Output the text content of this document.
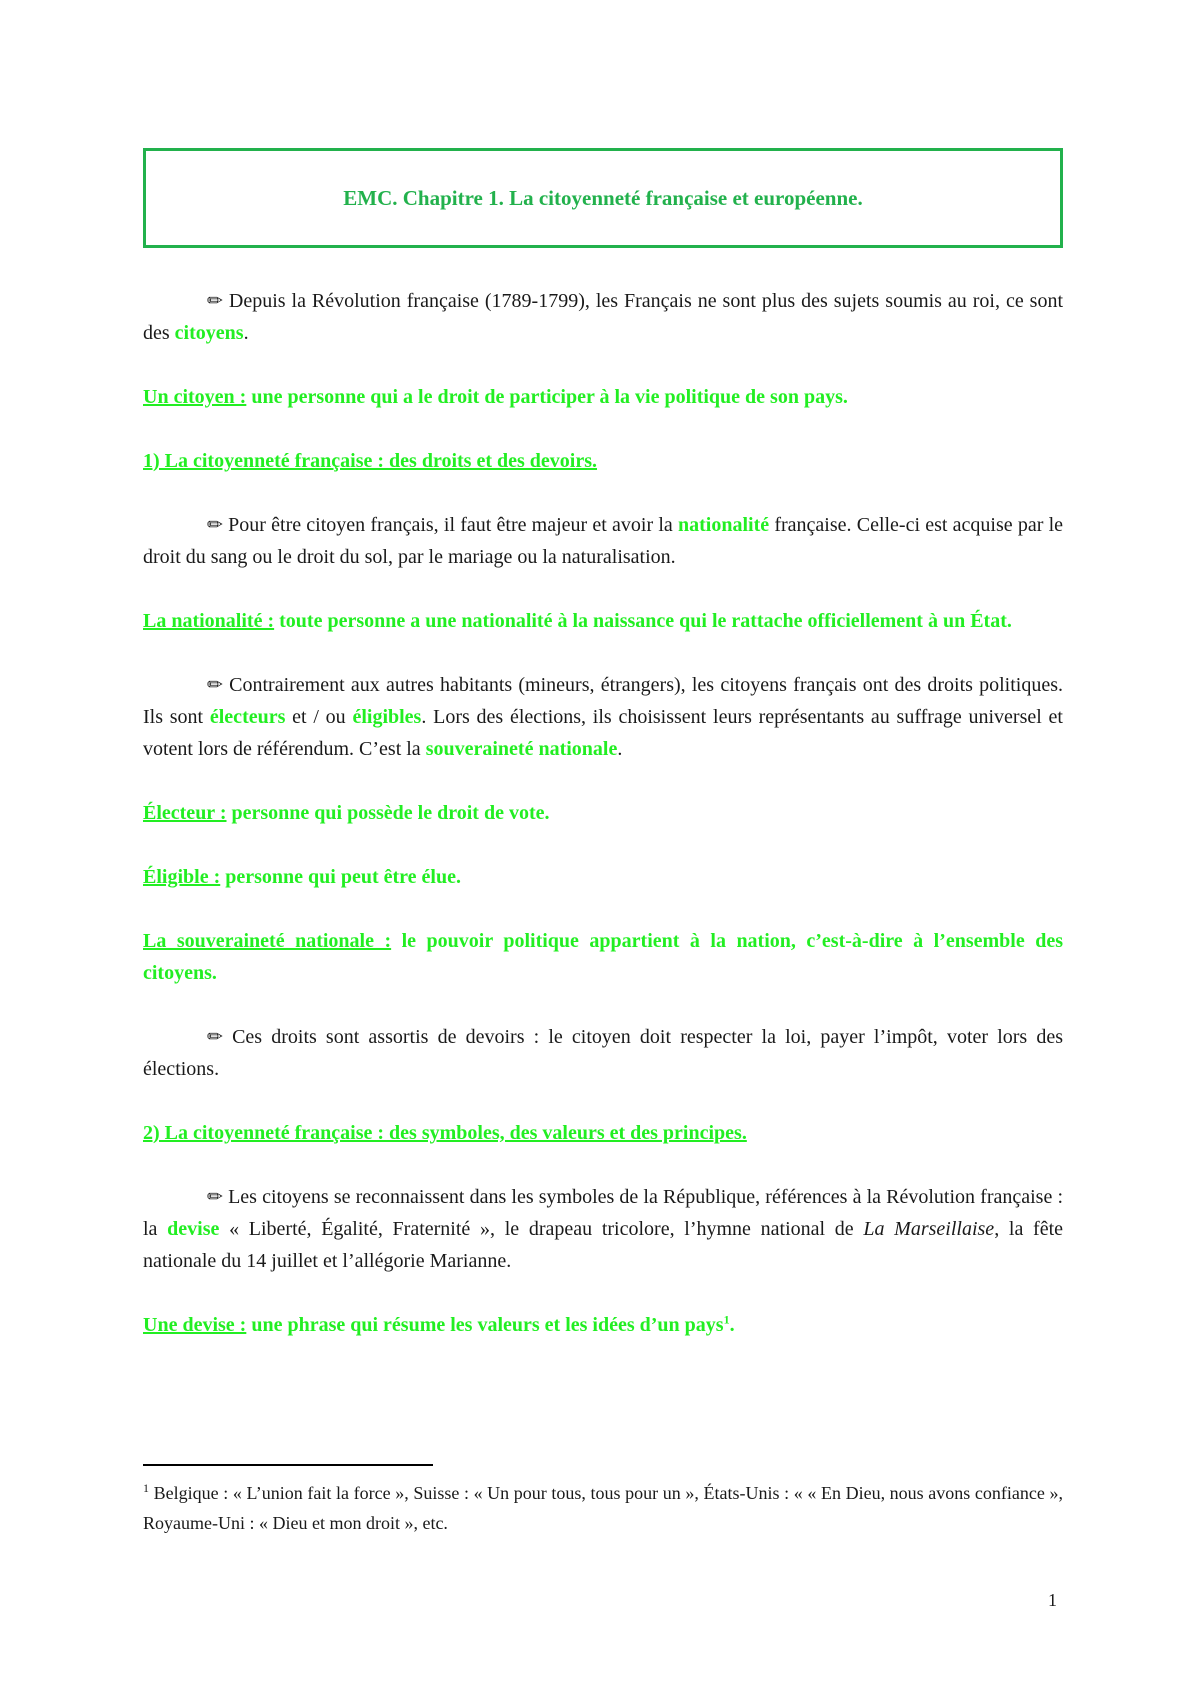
EMC. Chapitre 1. La citoyenneté française et européenne.

✏ Depuis la Révolution française (1789-1799), les Français ne sont plus des sujets soumis au roi, ce sont des citoyens.

Un citoyen : une personne qui a le droit de participer à la vie politique de son pays.

1) La citoyenneté française : des droits et des devoirs.

✏ Pour être citoyen français, il faut être majeur et avoir la nationalité française. Celle-ci est acquise par le droit du sang ou le droit du sol, par le mariage ou la naturalisation.

La nationalité : toute personne a une nationalité à la naissance qui le rattache officiellement à un État.

✏ Contrairement aux autres habitants (mineurs, étrangers), les citoyens français ont des droits politiques. Ils sont électeurs et / ou éligibles. Lors des élections, ils choisissent leurs représentants au suffrage universel et votent lors de référendum. C’est la souveraineté nationale.

Électeur : personne qui possède le droit de vote.

Éligible : personne qui peut être élue.

La souveraineté nationale : le pouvoir politique appartient à la nation, c’est-à-dire à l’ensemble des citoyens.

✏ Ces droits sont assortis de devoirs : le citoyen doit respecter la loi, payer l’impôt, voter lors des élections.

2) La citoyenneté française : des symboles, des valeurs et des principes.

✏ Les citoyens se reconnaissent dans les symboles de la République, références à la Révolution française : la devise « Liberté, Égalité, Fraternité », le drapeau tricolore, l’hymne national de La Marseillaise, la fête nationale du 14 juillet et l’allégorie Marianne.

Une devise : une phrase qui résume les valeurs et les idées d’un pays$^1$.

$^1$ Belgique : « L’union fait la force », Suisse : « Un pour tous, tous pour un », États-Unis : « « En Dieu, nous avons confiance », Royaume-Uni : « Dieu et mon droit », etc.

1
